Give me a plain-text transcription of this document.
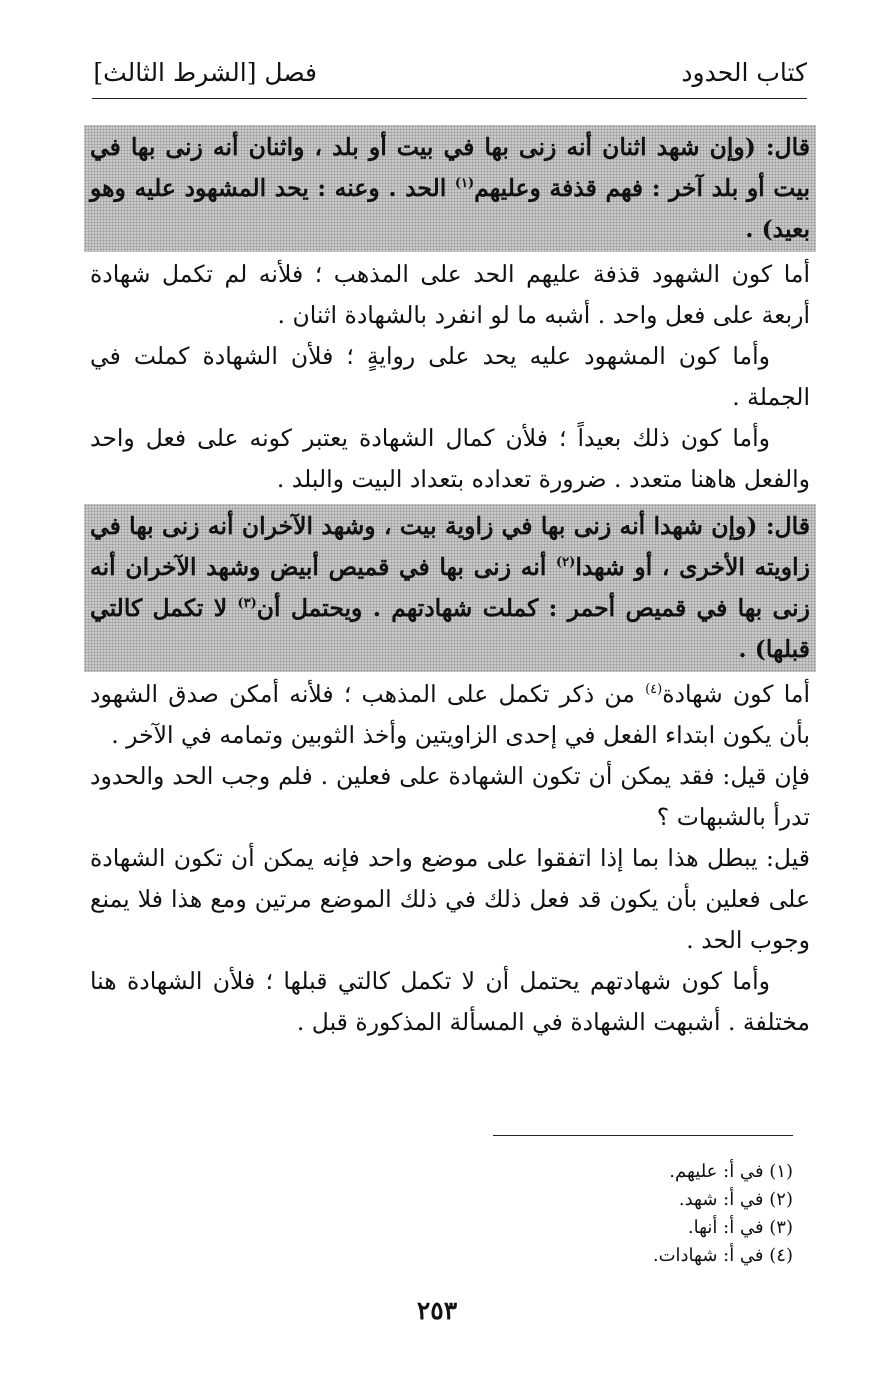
كتاب الحدود
فصل [الشرط الثالث]

قال: (وإن شهد اثنان أنه زنى بها في بيت أو بلد ، واثنان أنه زنى بها في بيت أو بلد آخر : فهم قذفة وعليهم$^{(١)}$ الحد . وعنه : يحد المشهود عليه وهو بعيد) .

أما كون الشهود قذفة عليهم الحد على المذهب ؛ فلأنه لم تكمل شهادة أربعة على فعل واحد . أشبه ما لو انفرد بالشهادة اثنان .

وأما كون المشهود عليه يحد على روايةٍ ؛ فلأن الشهادة كملت في الجملة .

وأما كون ذلك بعيداً ؛ فلأن كمال الشهادة يعتبر كونه على فعل واحد والفعل هاهنا متعدد . ضرورة تعداده بتعداد البيت والبلد .

قال: (وإن شهدا أنه زنى بها في زاوية بيت ، وشهد الآخران أنه زنى بها في زاويته الأخرى ، أو شهدا$^{(٢)}$ أنه زنى بها في قميص أبيض وشهد الآخران أنه زنى بها في قميص أحمر : كملت شهادتهم . ويحتمل أن$^{(٣)}$ لا تكمل كالتي قبلها) .

أما كون شهادة$^{(٤)}$ من ذكر تكمل على المذهب ؛ فلأنه أمكن صدق الشهود بأن يكون ابتداء الفعل في إحدى الزاويتين وأخذ الثوبين وتمامه في الآخر .

فإن قيل: فقد يمكن أن تكون الشهادة على فعلين . فلم وجب الحد والحدود تدرأ بالشبهات ؟

قيل: يبطل هذا بما إذا اتفقوا على موضع واحد فإنه يمكن أن تكون الشهادة على فعلين بأن يكون قد فعل ذلك في ذلك الموضع مرتين ومع هذا فلا يمنع وجوب الحد .

وأما كون شهادتهم يحتمل أن لا تكمل كالتي قبلها ؛ فلأن الشهادة هنا مختلفة . أشبهت الشهادة في المسألة المذكورة قبل .

(١) في أ: عليهم.
(٢) في أ: شهد.
(٣) في أ: أنها.
(٤) في أ: شهادات.
٢٥٣
